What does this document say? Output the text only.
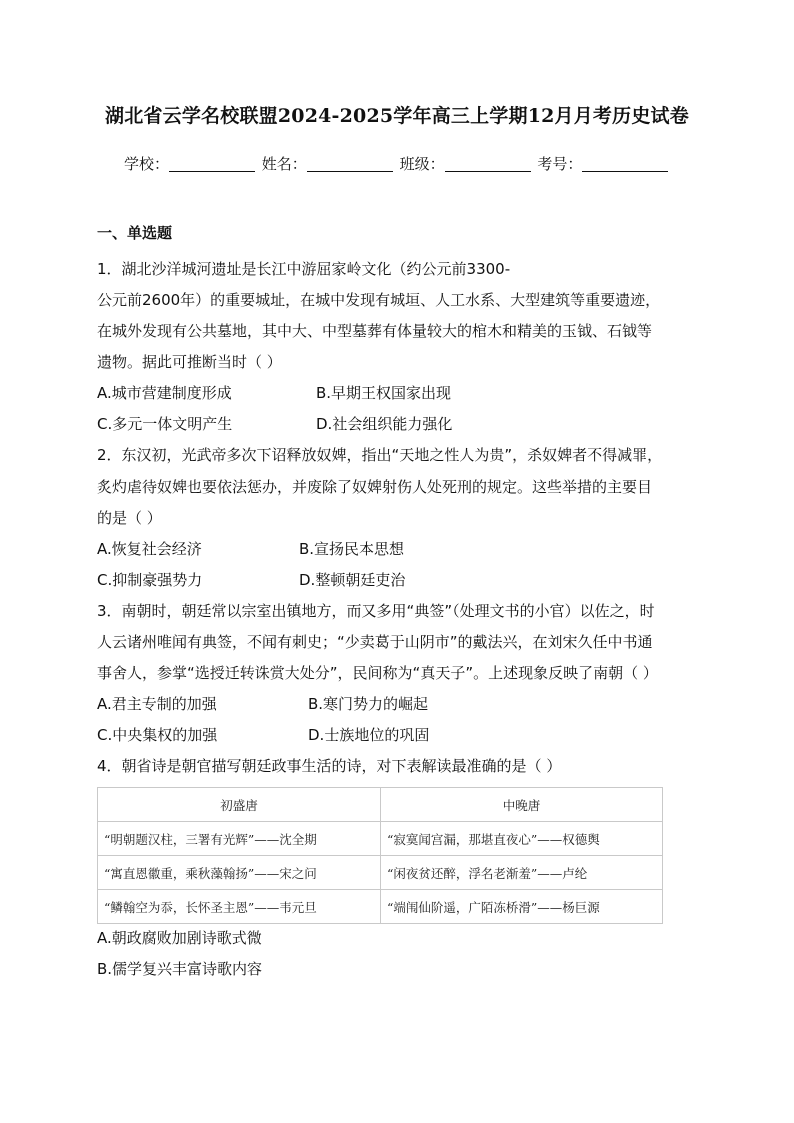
湖北省云学名校联盟2024-2025学年高三上学期12月月考历史试卷
学校：	姓名：	班级：	考号：
一、单选题
1．湖北沙洋城河遗址是长江中游屈家岭文化（约公元前3300-
公元前2600年）的重要城址，在城中发现有城垣、人工水系、大型建筑等重要遗迹，
在城外发现有公共墓地，其中大、中型墓葬有体量较大的棺木和精美的玉钺、石钺等
遗物。据此可推断当时（ ）
A.城市营建制度形成	B.早期王权国家出现
C.多元一体文明产生	D.社会组织能力强化
2．东汉初，光武帝多次下诏释放奴婢，指出“天地之性人为贵”，杀奴婢者不得减罪，
炙灼虐待奴婢也要依法惩办，并废除了奴婢射伤人处死刑的规定。这些举措的主要目
的是（ ）
A.恢复社会经济	B.宣扬民本思想
C.抑制豪强势力	D.整顿朝廷吏治
3．南朝时，朝廷常以宗室出镇地方，而又多用“典签”（处理文书的小官）以佐之，时
人云诸州唯闻有典签，不闻有刺史；“少卖葛于山阴市”的戴法兴，在刘宋久任中书通
事舍人，参掌“选授迁转诛赏大处分”，民间称为“真天子”。上述现象反映了南朝（ ）
A.君主专制的加强	B.寒门势力的崛起
C.中央集权的加强	D.士族地位的巩固
4．朝省诗是朝官描写朝廷政事生活的诗，对下表解读最准确的是（ ）
初盛唐	中晚唐
“明朝题汉柱，三署有光辉”——沈全期	“寂寞闻宫漏，那堪直夜心”——权德舆
“寓直恩徽重，乘秋藻翰扬”——宋之问	“闲夜贫还醉，浮名老渐羞”——卢纶
“鳞翰空为忝，长怀圣主恩”——韦元旦	“端闱仙阶遥，广陌冻桥滑”——杨巨源
A.朝政腐败加剧诗歌式微
B.儒学复兴丰富诗歌内容
